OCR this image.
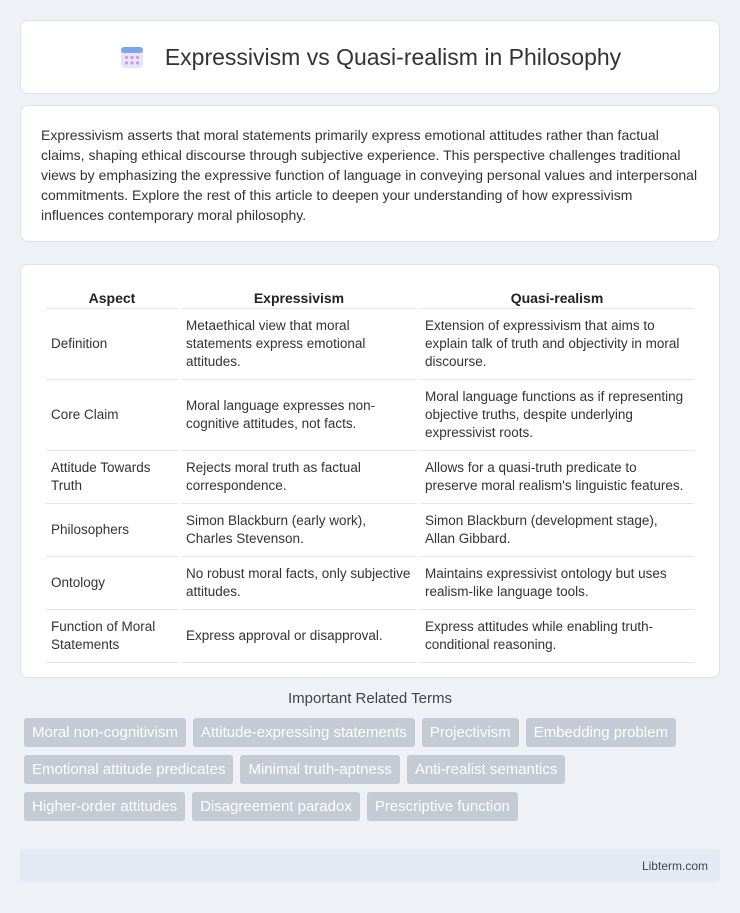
Expressivism vs Quasi-realism in Philosophy

Expressivism asserts that moral statements primarily express emotional attitudes rather than factual claims, shaping ethical discourse through subjective experience. This perspective challenges traditional views by emphasizing the expressive function of language in conveying personal values and interpersonal commitments. Explore the rest of this article to deepen your understanding of how expressivism influences contemporary moral philosophy.

Aspect	Expressivism	Quasi-realism
Definition	Metaethical view that moral statements express emotional attitudes.	Extension of expressivism that aims to explain talk of truth and objectivity in moral discourse.
Core Claim	Moral language expresses non-cognitive attitudes, not facts.	Moral language functions as if representing objective truths, despite underlying expressivist roots.
Attitude Towards Truth	Rejects moral truth as factual correspondence.	Allows for a quasi-truth predicate to preserve moral realism's linguistic features.
Philosophers	Simon Blackburn (early work), Charles Stevenson.	Simon Blackburn (development stage), Allan Gibbard.
Ontology	No robust moral facts, only subjective attitudes.	Maintains expressivist ontology but uses realism-like language tools.
Function of Moral Statements	Express approval or disapproval.	Express attitudes while enabling truth-conditional reasoning.
Important Related Terms
Moral non-cognitivism	Attitude-expressing statements	Projectivism	Embedding problem
Emotional attitude predicates	Minimal truth-aptness	Anti-realist semantics
Higher-order attitudes	Disagreement paradox	Prescriptive function
Libterm.com
